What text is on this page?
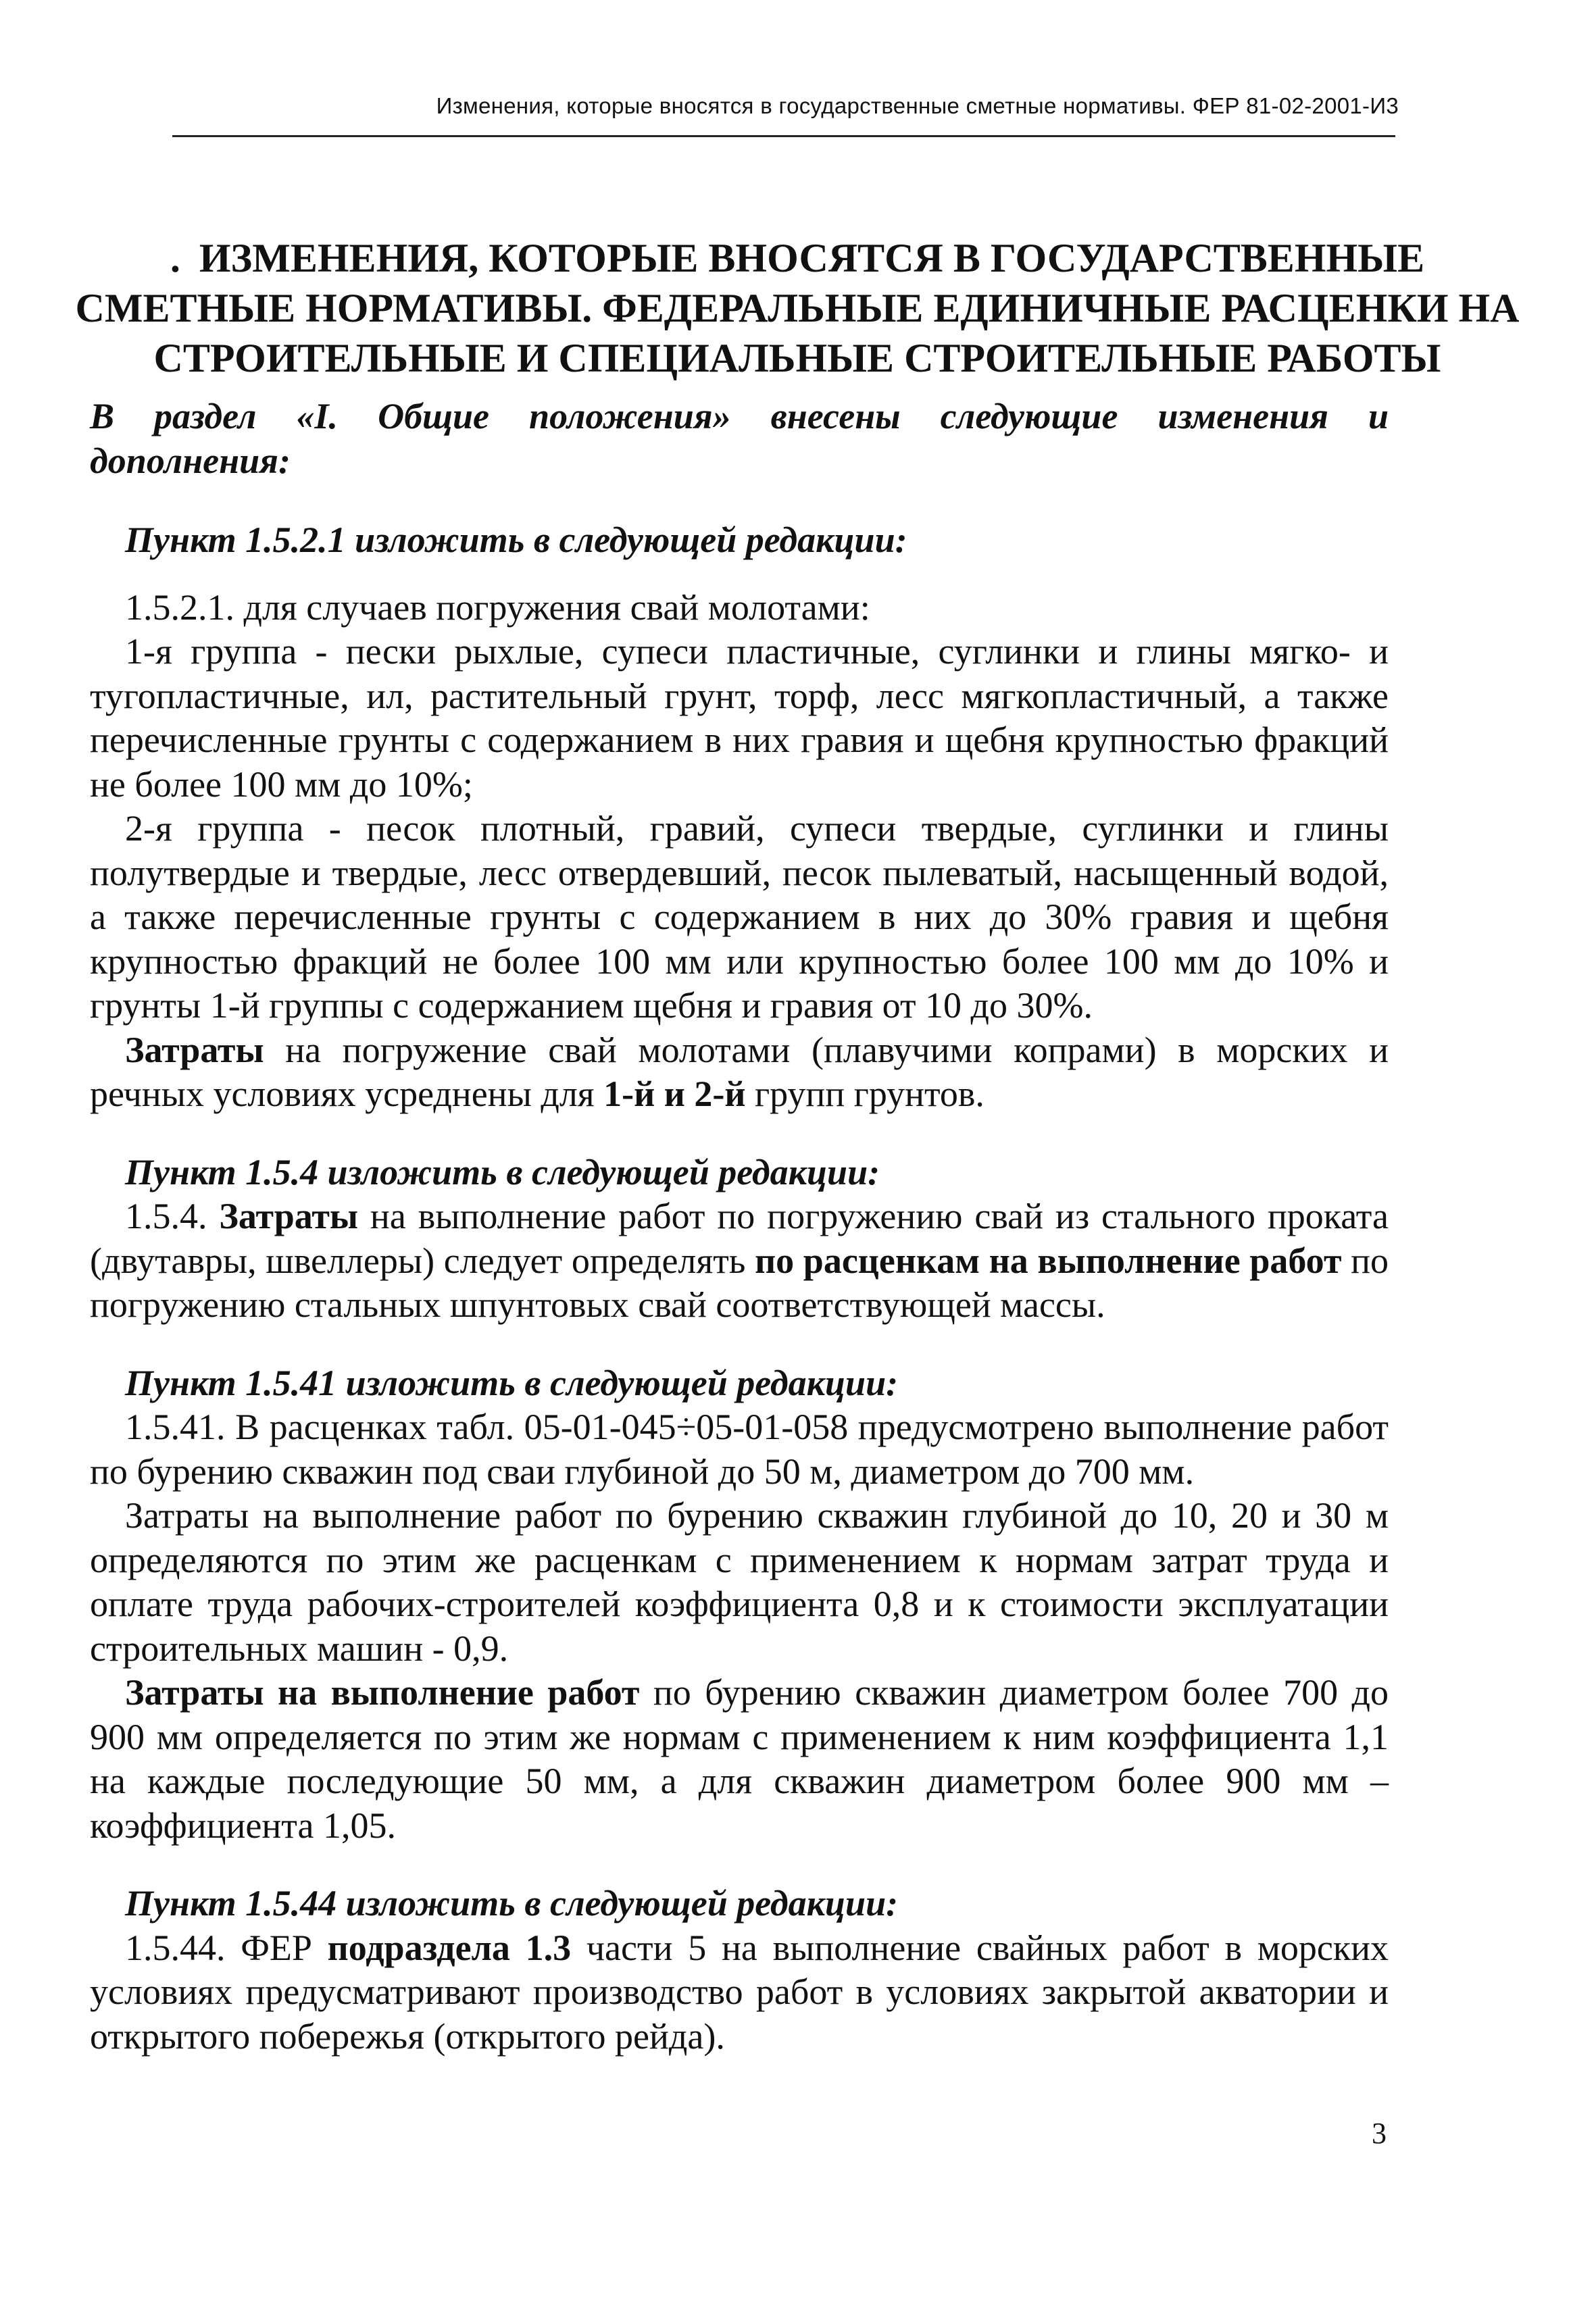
Изменения, которые вносятся в государственные сметные нормативы. ФЕР 81-02-2001-И3
. ИЗМЕНЕНИЯ, КОТОРЫЕ ВНОСЯТСЯ В ГОСУДАРСТВЕННЫЕ
СМЕТНЫЕ НОРМАТИВЫ. ФЕДЕРАЛЬНЫЕ ЕДИНИЧНЫЕ РАСЦЕНКИ НА
СТРОИТЕЛЬНЫЕ И СПЕЦИАЛЬНЫЕ СТРОИТЕЛЬНЫЕ РАБОТЫ

В раздел «I. Общие положения» внесены следующие изменения и дополнения:

Пункт 1.5.2.1 изложить в следующей редакции:

1.5.2.1. для случаев погружения свай молотами:

1-я группа - пески рыхлые, супеси пластичные, суглинки и глины мягко- и тугопластичные, ил, растительный грунт, торф, лесс мягкопластичный, а также перечисленные грунты с содержанием в них гравия и щебня крупностью фракций не более 100 мм до 10%;

2-я группа - песок плотный, гравий, супеси твердые, суглинки и глины полутвердые и твердые, лесс отвердевший, песок пылеватый, насыщенный водой, а также перечисленные грунты с содержанием в них до 30% гравия и щебня крупностью фракций не более 100 мм или крупностью более 100 мм до 10% и грунты 1-й группы с содержанием щебня и гравия от 10 до 30%.

Затраты на погружение свай молотами (плавучими копрами) в морских и речных условиях усреднены для 1-й и 2-й групп грунтов.

Пункт 1.5.4 изложить в следующей редакции:

1.5.4. Затраты на выполнение работ по погружению свай из стального проката (двутавры, швеллеры) следует определять по расценкам на выполнение работ по погружению стальных шпунтовых свай соответствующей массы.

Пункт 1.5.41 изложить в следующей редакции:

1.5.41. В расценках табл. 05-01-045÷05-01-058 предусмотрено выполнение работ по бурению скважин под сваи глубиной до 50 м, диаметром до 700 мм.

Затраты на выполнение работ по бурению скважин глубиной до 10, 20 и 30 м определяются по этим же расценкам с применением к нормам затрат труда и оплате труда рабочих-строителей коэффициента 0,8 и к стоимости эксплуатации строительных машин - 0,9.

Затраты на выполнение работ по бурению скважин диаметром более 700 до 900 мм определяется по этим же нормам с применением к ним коэффициента 1,1 на каждые последующие 50 мм, а для скважин диаметром более 900 мм – коэффициента 1,05.

Пункт 1.5.44 изложить в следующей редакции:

1.5.44. ФЕР подраздела 1.3 части 5 на выполнение свайных работ в морских условиях предусматривают производство работ в условиях закрытой акватории и открытого побережья (открытого рейда).

3
